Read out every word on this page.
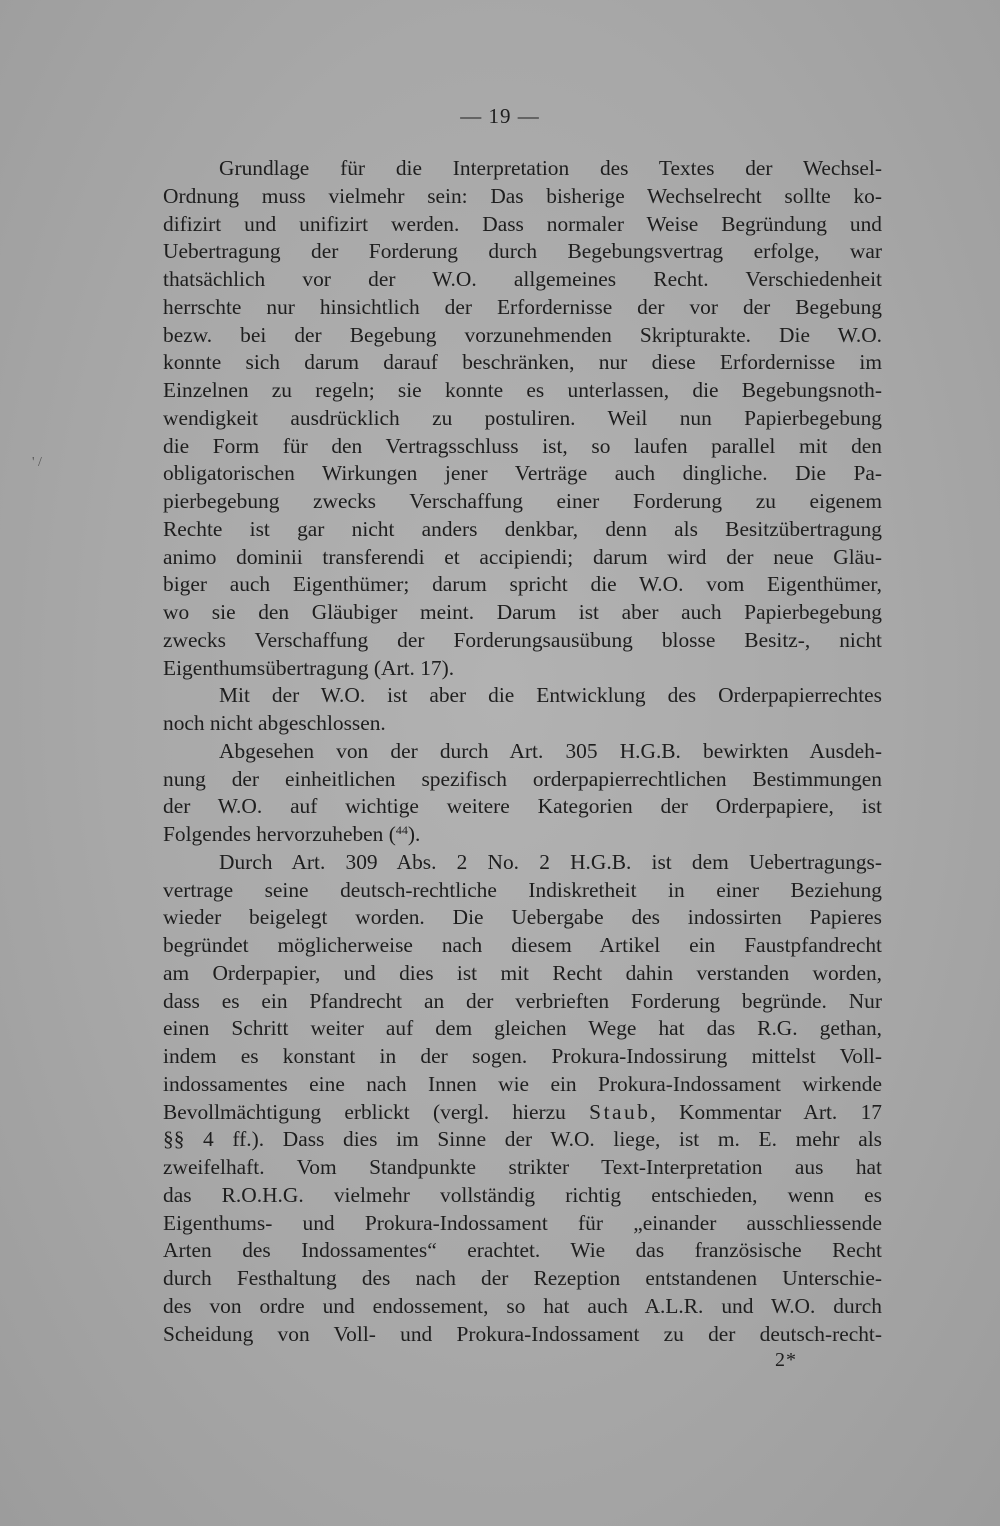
— 19 —
' /
Grundlage für die Interpretation des Textes der Wechsel-
Ordnung muss vielmehr sein: Das bisherige Wechselrecht sollte ko-
difizirt und unifizirt werden. Dass normaler Weise Begründung und
Uebertragung der Forderung durch Begebungsvertrag erfolge, war
thatsächlich vor der W.O. allgemeines Recht. Verschiedenheit
herrschte nur hinsichtlich der Erfordernisse der vor der Begebung
bezw. bei der Begebung vorzunehmenden Skripturakte. Die W.O.
konnte sich darum darauf beschränken, nur diese Erfordernisse im
Einzelnen zu regeln; sie konnte es unterlassen, die Begebungsnoth-
wendigkeit ausdrücklich zu postuliren. Weil nun Papierbegebung
die Form für den Vertragsschluss ist, so laufen parallel mit den
obligatorischen Wirkungen jener Verträge auch dingliche. Die Pa-
pierbegebung zwecks Verschaffung einer Forderung zu eigenem
Rechte ist gar nicht anders denkbar, denn als Besitzübertragung
animo dominii transferendi et accipiendi; darum wird der neue Gläu-
biger auch Eigenthümer; darum spricht die W.O. vom Eigenthümer,
wo sie den Gläubiger meint. Darum ist aber auch Papierbegebung
zwecks Verschaffung der Forderungsausübung blosse Besitz-, nicht
Eigenthumsübertragung (Art. 17).
Mit der W.O. ist aber die Entwicklung des Orderpapierrechtes
noch nicht abgeschlossen.
Abgesehen von der durch Art. 305 H.G.B. bewirkten Ausdeh-
nung der einheitlichen spezifisch orderpapierrechtlichen Bestimmungen
der W.O. auf wichtige weitere Kategorien der Orderpapiere, ist
Folgendes hervorzuheben ($^{44}$).
Durch Art. 309 Abs. 2 No. 2 H.G.B. ist dem Uebertragungs-
vertrage seine deutsch-rechtliche Indiskretheit in einer Beziehung
wieder beigelegt worden. Die Uebergabe des indossirten Papieres
begründet möglicherweise nach diesem Artikel ein Faustpfandrecht
am Orderpapier, und dies ist mit Recht dahin verstanden worden,
dass es ein Pfandrecht an der verbrieften Forderung begründe. Nur
einen Schritt weiter auf dem gleichen Wege hat das R.G. gethan,
indem es konstant in der sogen. Prokura-Indossirung mittelst Voll-
indossamentes eine nach Innen wie ein Prokura-Indossament wirkende
Bevollmächtigung erblickt (vergl. hierzu Staub, Kommentar Art. 17
§§ 4 ff.). Dass dies im Sinne der W.O. liege, ist m. E. mehr als
zweifelhaft. Vom Standpunkte strikter Text-Interpretation aus hat
das R.O.H.G. vielmehr vollständig richtig entschieden, wenn es
Eigenthums- und Prokura-Indossament für „einander ausschliessende
Arten des Indossamentes“ erachtet. Wie das französische Recht
durch Festhaltung des nach der Rezeption entstandenen Unterschie-
des von ordre und endossement, so hat auch A.L.R. und W.O. durch
Scheidung von Voll- und Prokura-Indossament zu der deutsch-recht-
2*
